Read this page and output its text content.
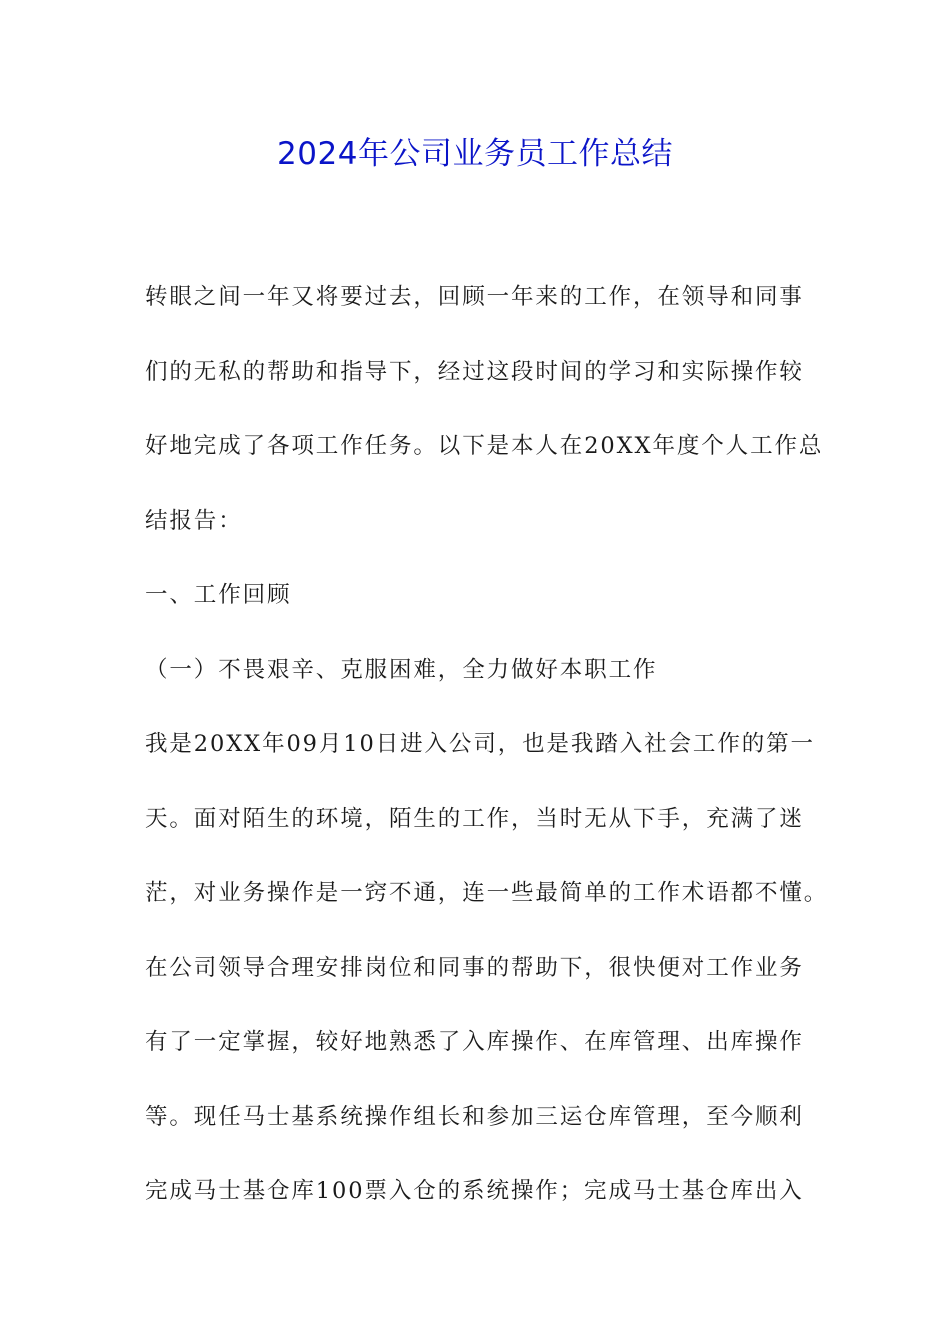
2024年公司业务员工作总结
转眼之间一年又将要过去，回顾一年来的工作，在领导和同事
们的无私的帮助和指导下，经过这段时间的学习和实际操作较
好地完成了各项工作任务。以下是本人在20XX年度个人工作总
结报告：
一、工作回顾
（一）不畏艰辛、克服困难，全力做好本职工作
我是20XX年09月10日进入公司，也是我踏入社会工作的第一
天。面对陌生的环境，陌生的工作，当时无从下手，充满了迷
茫，对业务操作是一窍不通，连一些最简单的工作术语都不懂。
在公司领导合理安排岗位和同事的帮助下，很快便对工作业务
有了一定掌握，较好地熟悉了入库操作、在库管理、出库操作
等。现任马士基系统操作组长和参加三运仓库管理，至今顺利
完成马士基仓库100票入仓的系统操作；完成马士基仓库出入
